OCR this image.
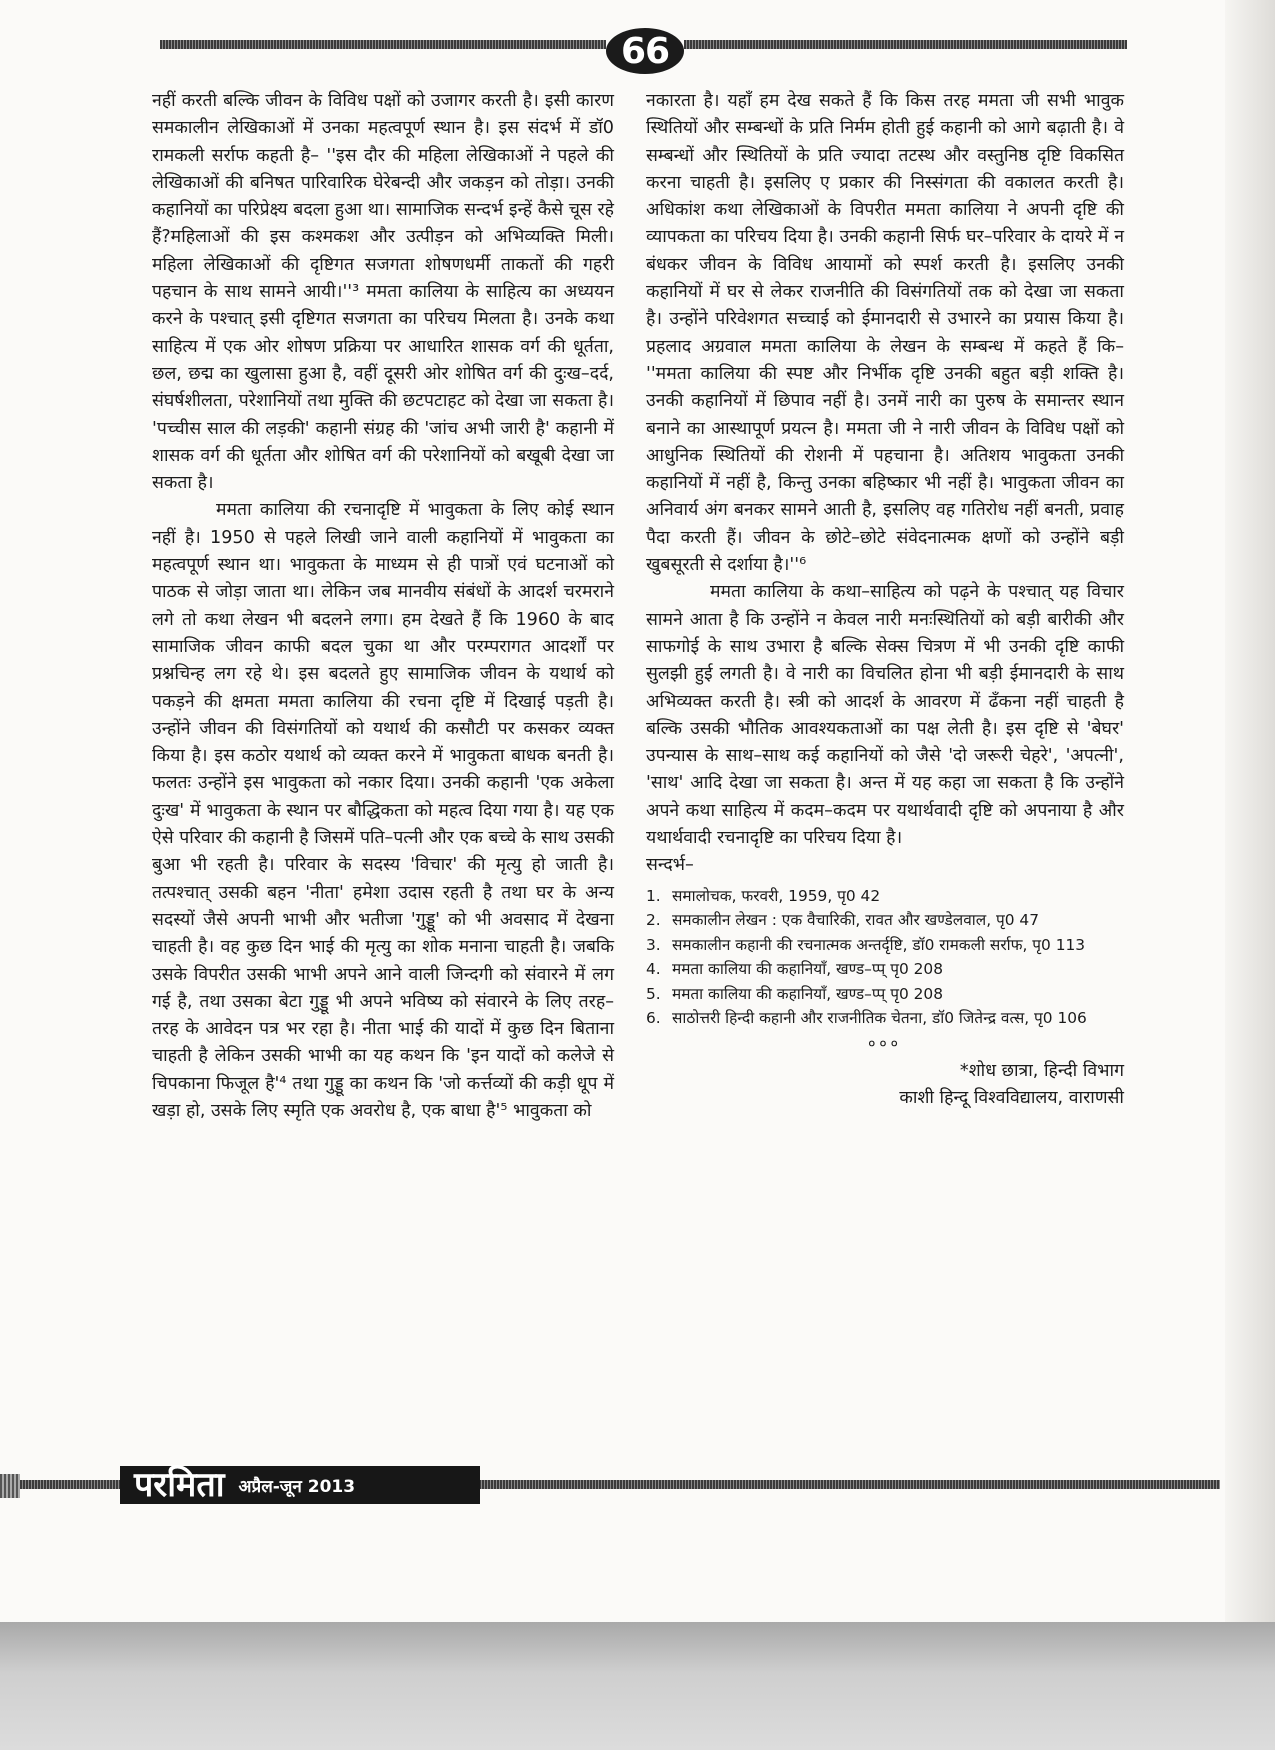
66

नहीं करती बल्कि जीवन के विविध पक्षों को उजागर करती है। इसी कारण समकालीन लेखिकाओं में उनका महत्वपूर्ण स्थान है। इस संदर्भ में डॉ0 रामकली सर्राफ कहती है– ''इस दौर की महिला लेखिकाओं ने पहले की लेखिकाओं की बनिषत पारिवारिक घेरेबन्दी और जकड़न को तोड़ा। उनकी कहानियों का परिप्रेक्ष्य बदला हुआ था। सामाजिक सन्दर्भ इन्हें कैसे चूस रहे हैं?महिलाओं की इस कश्मकश और उत्पीड़न को अभिव्यक्ति मिली। महिला लेखिकाओं की दृष्टिगत सजगता शोषणधर्मी ताकतों की गहरी पहचान के साथ सामने आयी।''³ ममता कालिया के साहित्य का अध्ययन करने के पश्चात् इसी दृष्टिगत सजगता का परिचय मिलता है। उनके कथा साहित्य में एक ओर शोषण प्रक्रिया पर आधारित शासक वर्ग की धूर्तता, छल, छद्म का खुलासा हुआ है, वहीं दूसरी ओर शोषित वर्ग की दुःख–दर्द, संघर्षशीलता, परेशानियों तथा मुक्ति की छटपटाहट को देखा जा सकता है। 'पच्चीस साल की लड़की' कहानी संग्रह की 'जांच अभी जारी है' कहानी में शासक वर्ग की धूर्तता और शोषित वर्ग की परेशानियों को बखूबी देखा जा सकता है।

ममता कालिया की रचनादृष्टि में भावुकता के लिए कोई स्थान नहीं है। 1950 से पहले लिखी जाने वाली कहानियों में भावुकता का महत्वपूर्ण स्थान था। भावुकता के माध्यम से ही पात्रों एवं घटनाओं को पाठक से जोड़ा जाता था। लेकिन जब मानवीय संबंधों के आदर्श चरमराने लगे तो कथा लेखन भी बदलने लगा। हम देखते हैं कि 1960 के बाद सामाजिक जीवन काफी बदल चुका था और परम्परागत आदर्शों पर प्रश्नचिन्ह लग रहे थे। इस बदलते हुए सामाजिक जीवन के यथार्थ को पकड़ने की क्षमता ममता कालिया की रचना दृष्टि में दिखाई पड़ती है। उन्होंने जीवन की विसंगतियों को यथार्थ की कसौटी पर कसकर व्यक्त किया है। इस कठोर यथार्थ को व्यक्त करने में भावुकता बाधक बनती है। फलतः उन्होंने इस भावुकता को नकार दिया। उनकी कहानी 'एक अकेला दुःख' में भावुकता के स्थान पर बौद्धिकता को महत्व दिया गया है। यह एक ऐसे परिवार की कहानी है जिसमें पति–पत्नी और एक बच्चे के साथ उसकी बुआ भी रहती है। परिवार के सदस्य 'विचार' की मृत्यु हो जाती है। तत्पश्चात् उसकी बहन 'नीता' हमेशा उदास रहती है तथा घर के अन्य सदस्यों जैसे अपनी भाभी और भतीजा 'गुड्डू' को भी अवसाद में देखना चाहती है। वह कुछ दिन भाई की मृत्यु का शोक मनाना चाहती है। जबकि उसके विपरीत उसकी भाभी अपने आने वाली जिन्दगी को संवारने में लग गई है, तथा उसका बेटा गुड्डू भी अपने भविष्य को संवारने के लिए तरह–तरह के आवेदन पत्र भर रहा है। नीता भाई की यादों में कुछ दिन बिताना चाहती है लेकिन उसकी भाभी का यह कथन कि 'इन यादों को कलेजे से चिपकाना फिजूल है'⁴ तथा गुड्डू का कथन कि 'जो कर्त्तव्यों की कड़ी धूप में खड़ा हो, उसके लिए स्मृति एक अवरोध है, एक बाधा है'⁵ भावुकता को

नकारता है। यहाँ हम देख सकते हैं कि किस तरह ममता जी सभी भावुक स्थितियों और सम्बन्धों के प्रति निर्मम होती हुई कहानी को आगे बढ़ाती है। वे सम्बन्धों और स्थितियों के प्रति ज्यादा तटस्थ और वस्तुनिष्ठ दृष्टि विकसित करना चाहती है। इसलिए ए प्रकार की निस्संगता की वकालत करती है। अधिकांश कथा लेखिकाओं के विपरीत ममता कालिया ने अपनी दृष्टि की व्यापकता का परिचय दिया है। उनकी कहानी सिर्फ घर–परिवार के दायरे में न बंधकर जीवन के विविध आयामों को स्पर्श करती है। इसलिए उनकी कहानियों में घर से लेकर राजनीति की विसंगतियों तक को देखा जा सकता है। उन्होंने परिवेशगत सच्चाई को ईमानदारी से उभारने का प्रयास किया है। प्रहलाद अग्रवाल ममता कालिया के लेखन के सम्बन्ध में कहते हैं कि– ''ममता कालिया की स्पष्ट और निर्भीक दृष्टि उनकी बहुत बड़ी शक्ति है। उनकी कहानियों में छिपाव नहीं है। उनमें नारी का पुरुष के समान्तर स्थान बनाने का आस्थापूर्ण प्रयत्न है। ममता जी ने नारी जीवन के विविध पक्षों को आधुनिक स्थितियों की रोशनी में पहचाना है। अतिशय भावुकता उनकी कहानियों में नहीं है, किन्तु उनका बहिष्कार भी नहीं है। भावुकता जीवन का अनिवार्य अंग बनकर सामने आती है, इसलिए वह गतिरोध नहीं बनती, प्रवाह पैदा करती हैं। जीवन के छोटे–छोटे संवेदनात्मक क्षणों को उन्होंने बड़ी खुबसूरती से दर्शाया है।''⁶

ममता कालिया के कथा–साहित्य को पढ़ने के पश्चात् यह विचार सामने आता है कि उन्होंने न केवल नारी मनःस्थितियों को बड़ी बारीकी और साफगोई के साथ उभारा है बल्कि सेक्स चित्रण में भी उनकी दृष्टि काफी सुलझी हुई लगती है। वे नारी का विचलित होना भी बड़ी ईमानदारी के साथ अभिव्यक्त करती है। स्त्री को आदर्श के आवरण में ढँकना नहीं चाहती है बल्कि उसकी भौतिक आवश्यकताओं का पक्ष लेती है। इस दृष्टि से 'बेघर' उपन्यास के साथ–साथ कई कहानियों को जैसे 'दो जरूरी चेहरे', 'अपत्नी', 'साथ' आदि देखा जा सकता है। अन्त में यह कहा जा सकता है कि उन्होंने अपने कथा साहित्य में कदम–कदम पर यथार्थवादी दृष्टि को अपनाया है और यथार्थवादी रचनादृष्टि का परिचय दिया है।

सन्दर्भ–

1. समालोचक, फरवरी, 1959, पृ0 42
2. समकालीन लेखन : एक वैचारिकी, रावत और खण्डेलवाल, पृ0 47
3. समकालीन कहानी की रचनात्मक अन्तर्दृष्टि, डॉ0 रामकली सर्राफ, पृ0 113
4. ममता कालिया की कहानियाँ, खण्ड–प्प् पृ0 208
5. ममता कालिया की कहानियाँ, खण्ड–प्प् पृ0 208
6. साठोत्तरी हिन्दी कहानी और राजनीतिक चेतना, डॉ0 जितेन्द्र वत्स, पृ0 106

०००

*शोध छात्रा, हिन्दी विभाग

काशी हिन्दू विश्वविद्यालय, वाराणसी

परमिता अप्रैल-जून 2013
